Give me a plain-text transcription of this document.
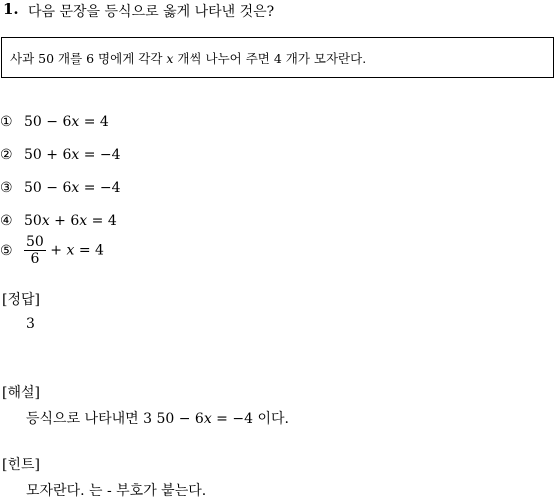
1. 다음 문장을 등식으로 옳게 나타낸 것은?
사과 50 개를 6 명에게 각각 x 개씩 나누어 주면 4 개가 모자란다.
① 50 − 6x = 4
② 50 + 6x = −4
③ 50 − 6x = −4
④ 50x + 6x = 4
⑤ $\frac{50}{6} + x = 4$
[정답]
3
[해설]
등식으로 나타내면 3 50 − 6x = −4 이다.
[힌트]
모자란다. 는 - 부호가 붙는다.
